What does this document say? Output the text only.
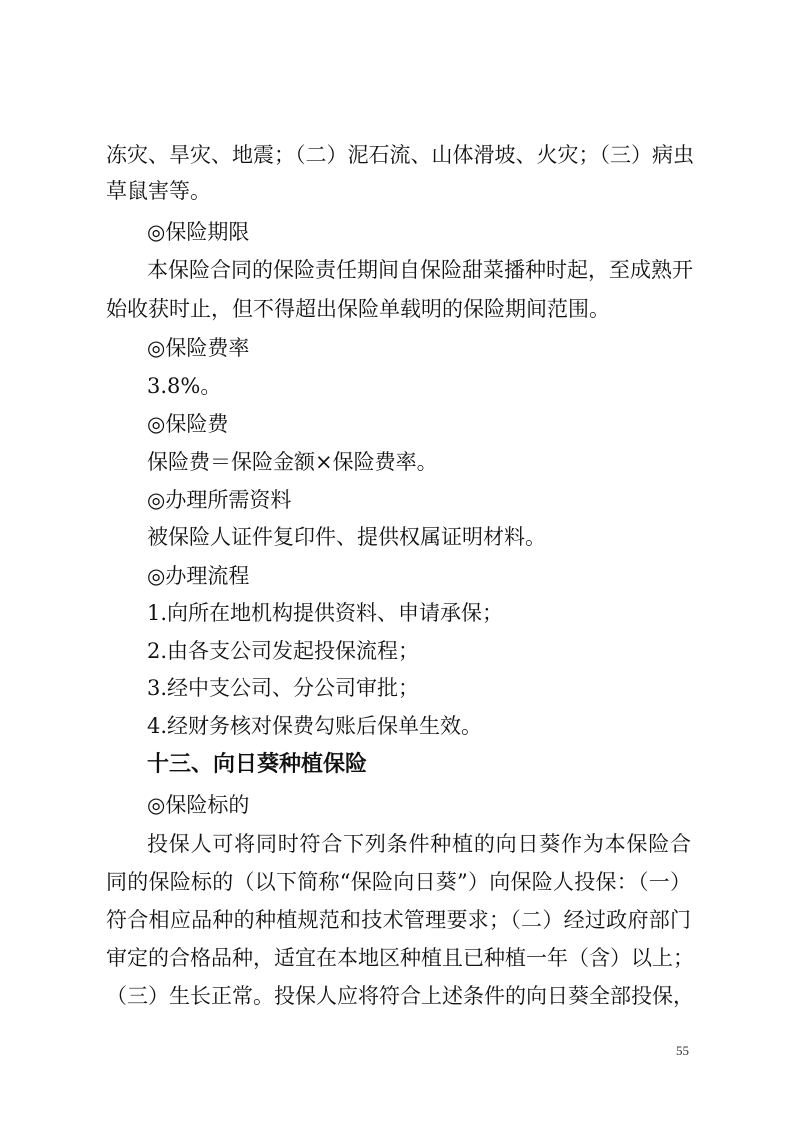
冻灾、旱灾、地震；（二）泥石流、山体滑坡、火灾；（三）病虫

草鼠害等。

◎保险期限

本保险合同的保险责任期间自保险甜菜播种时起，至成熟开

始收获时止，但不得超出保险单载明的保险期间范围。

◎保险费率

3.8%。

◎保险费

保险费＝保险金额×保险费率。

◎办理所需资料

被保险人证件复印件、提供权属证明材料。

◎办理流程

1.向所在地机构提供资料、申请承保；

2.由各支公司发起投保流程；

3.经中支公司、分公司审批；

4.经财务核对保费勾账后保单生效。

十三、向日葵种植保险

◎保险标的

投保人可将同时符合下列条件种植的向日葵作为本保险合

同的保险标的（以下简称“保险向日葵”）向保险人投保：（一）

符合相应品种的种植规范和技术管理要求；（二）经过政府部门

审定的合格品种，适宜在本地区种植且已种植一年（含）以上；

（三）生长正常。投保人应将符合上述条件的向日葵全部投保，

55
